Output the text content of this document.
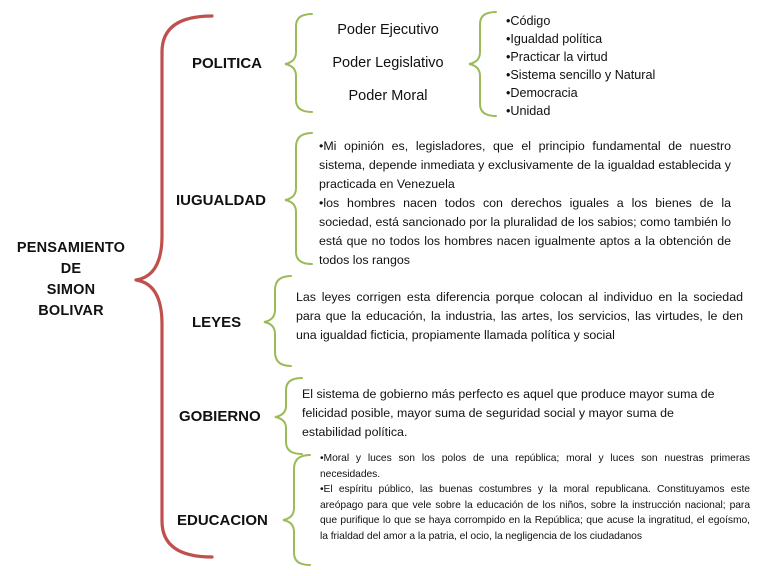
PENSAMIENTO
DE
SIMON
BOLIVAR
POLITICA
Poder Ejecutivo
Poder Legislativo
Poder Moral
•Código
•Igualdad política
•Practicar la virtud
•Sistema sencillo y Natural
•Democracia
•Unidad
IUGUALDAD

•Mi opinión es, legisladores, que el principio fundamental de nuestro sistema, depende inmediata y exclusivamente de la igualdad establecida y practicada en Venezuela

•los hombres nacen todos con derechos iguales a los bienes de la sociedad, está sancionado por la pluralidad de los sabios; como también lo está que no todos los hombres nacen igualmente aptos a la obtención de todos los rangos

LEYES

Las leyes corrigen esta diferencia porque colocan al individuo en la sociedad para que la educación, la industria, las artes, los servicios, las virtudes, le den una igualdad ficticia, propiamente llamada política y social

GOBIERNO

El sistema de gobierno más perfecto es aquel que produce mayor suma de felicidad posible, mayor suma de seguridad social y mayor suma de estabilidad política.

EDUCACION

•Moral y luces son los polos de una república; moral y luces son nuestras primeras necesidades.

•El espíritu público, las buenas costumbres y la moral republicana. Constituyamos este areópago para que vele sobre la educación de los niños, sobre la instrucción nacional; para que purifique lo que se haya corrompido en la República; que acuse la ingratitud, el egoísmo, la frialdad del amor a la patria, el ocio, la negligencia de los ciudadanos
